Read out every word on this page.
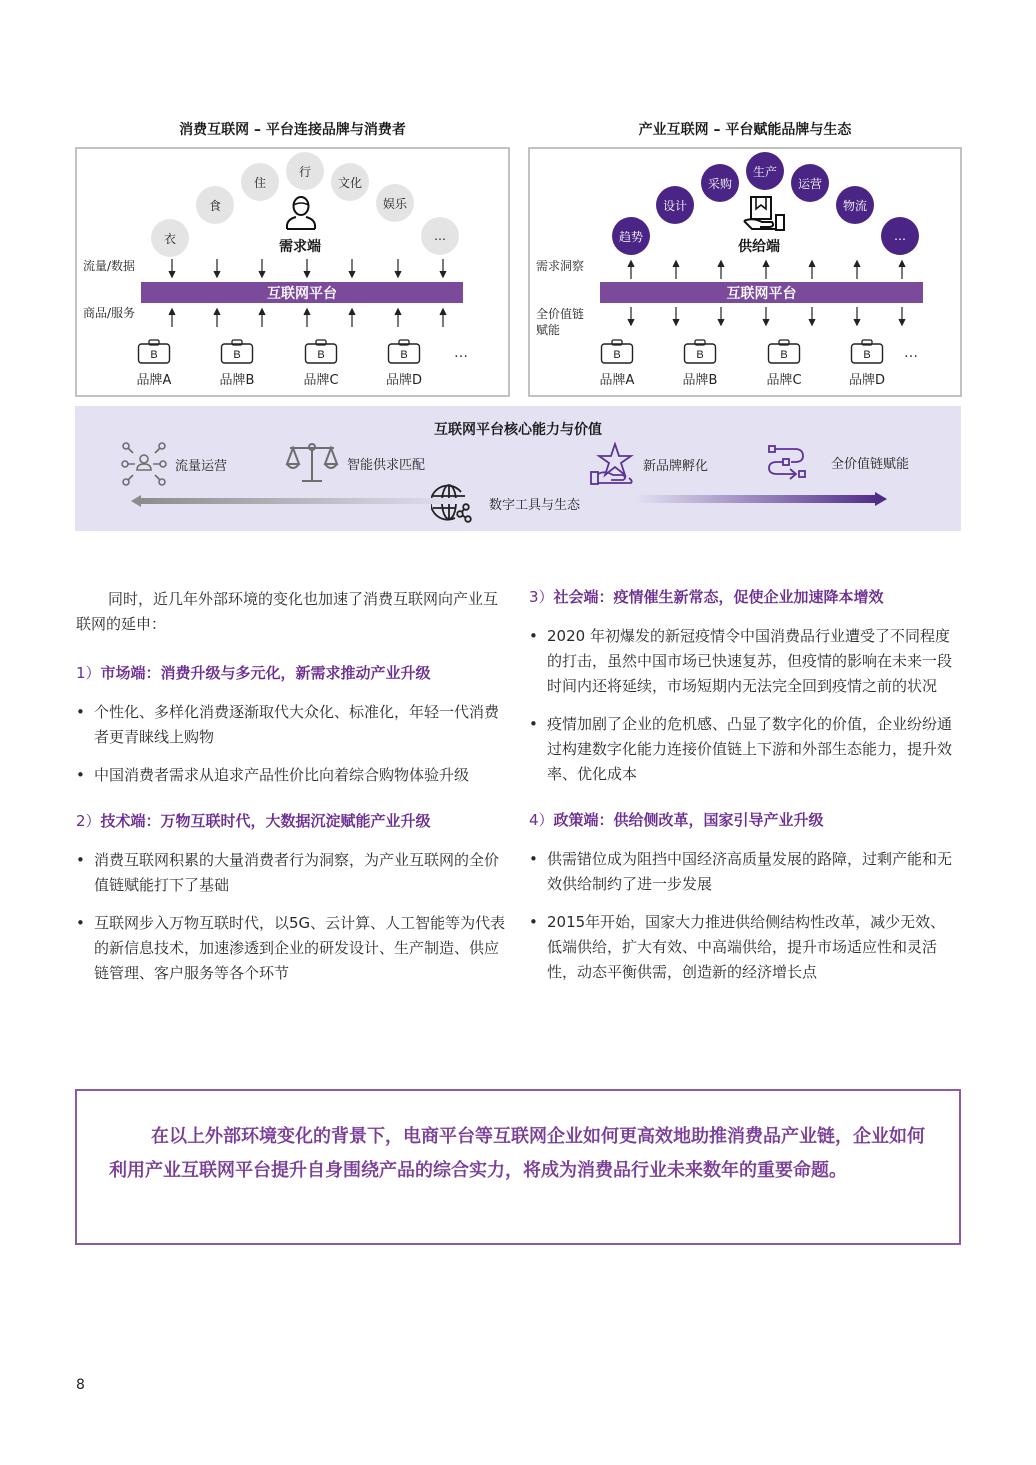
消费互联网 – 平台连接品牌与消费者
衣
食
住
行
文化
娱乐
…
需求端
流量/数据
商品/服务
互联网平台
B
品牌A
B
品牌B
B
品牌C
B
品牌D
…
产业互联网 – 平台赋能品牌与生态
趋势
设计
采购
生产
运营
物流
…
供给端
需求洞察
全价值链
赋能
互联网平台
B
品牌A
B
品牌B
B
品牌C
B
品牌D
…
互联网平台核心能力与价值
流量运营	智能供求匹配
数字工具与生态
新品牌孵化	全价值链赋能

同时，近几年外部环境的变化也加速了消费互联网向产业互联网的延申：

1）市场端：消费升级与多元化，新需求推动产业升级
• 个性化、多样化消费逐渐取代大众化、标准化，年轻一代消费者更青睐线上购物
• 中国消费者需求从追求产品性价比向着综合购物体验升级
2）技术端：万物互联时代，大数据沉淀赋能产业升级
• 消费互联网积累的大量消费者行为洞察，为产业互联网的全价值链赋能打下了基础
• 互联网步入万物互联时代，以5G、云计算、人工智能等为代表的新信息技术，加速渗透到企业的研发设计、生产制造、供应链管理、客户服务等各个环节
3）社会端：疫情催生新常态，促使企业加速降本增效
• 2020 年初爆发的新冠疫情令中国消费品行业遭受了不同程度的打击，虽然中国市场已快速复苏，但疫情的影响在未来一段时间内还将延续，市场短期内无法完全回到疫情之前的状况
• 疫情加剧了企业的危机感、凸显了数字化的价值，企业纷纷通过构建数字化能力连接价值链上下游和外部生态能力，提升效率、优化成本
4）政策端：供给侧改革，国家引导产业升级
• 供需错位成为阻挡中国经济高质量发展的路障，过剩产能和无效供给制约了进一步发展
• 2015年开始，国家大力推进供给侧结构性改革，减少无效、低端供给，扩大有效、中高端供给，提升市场适应性和灵活性，动态平衡供需，创造新的经济增长点

在以上外部环境变化的背景下，电商平台等互联网企业如何更高效地助推消费品产业链，企业如何利用产业互联网平台提升自身围绕产品的综合实力，将成为消费品行业未来数年的重要命题。

8
